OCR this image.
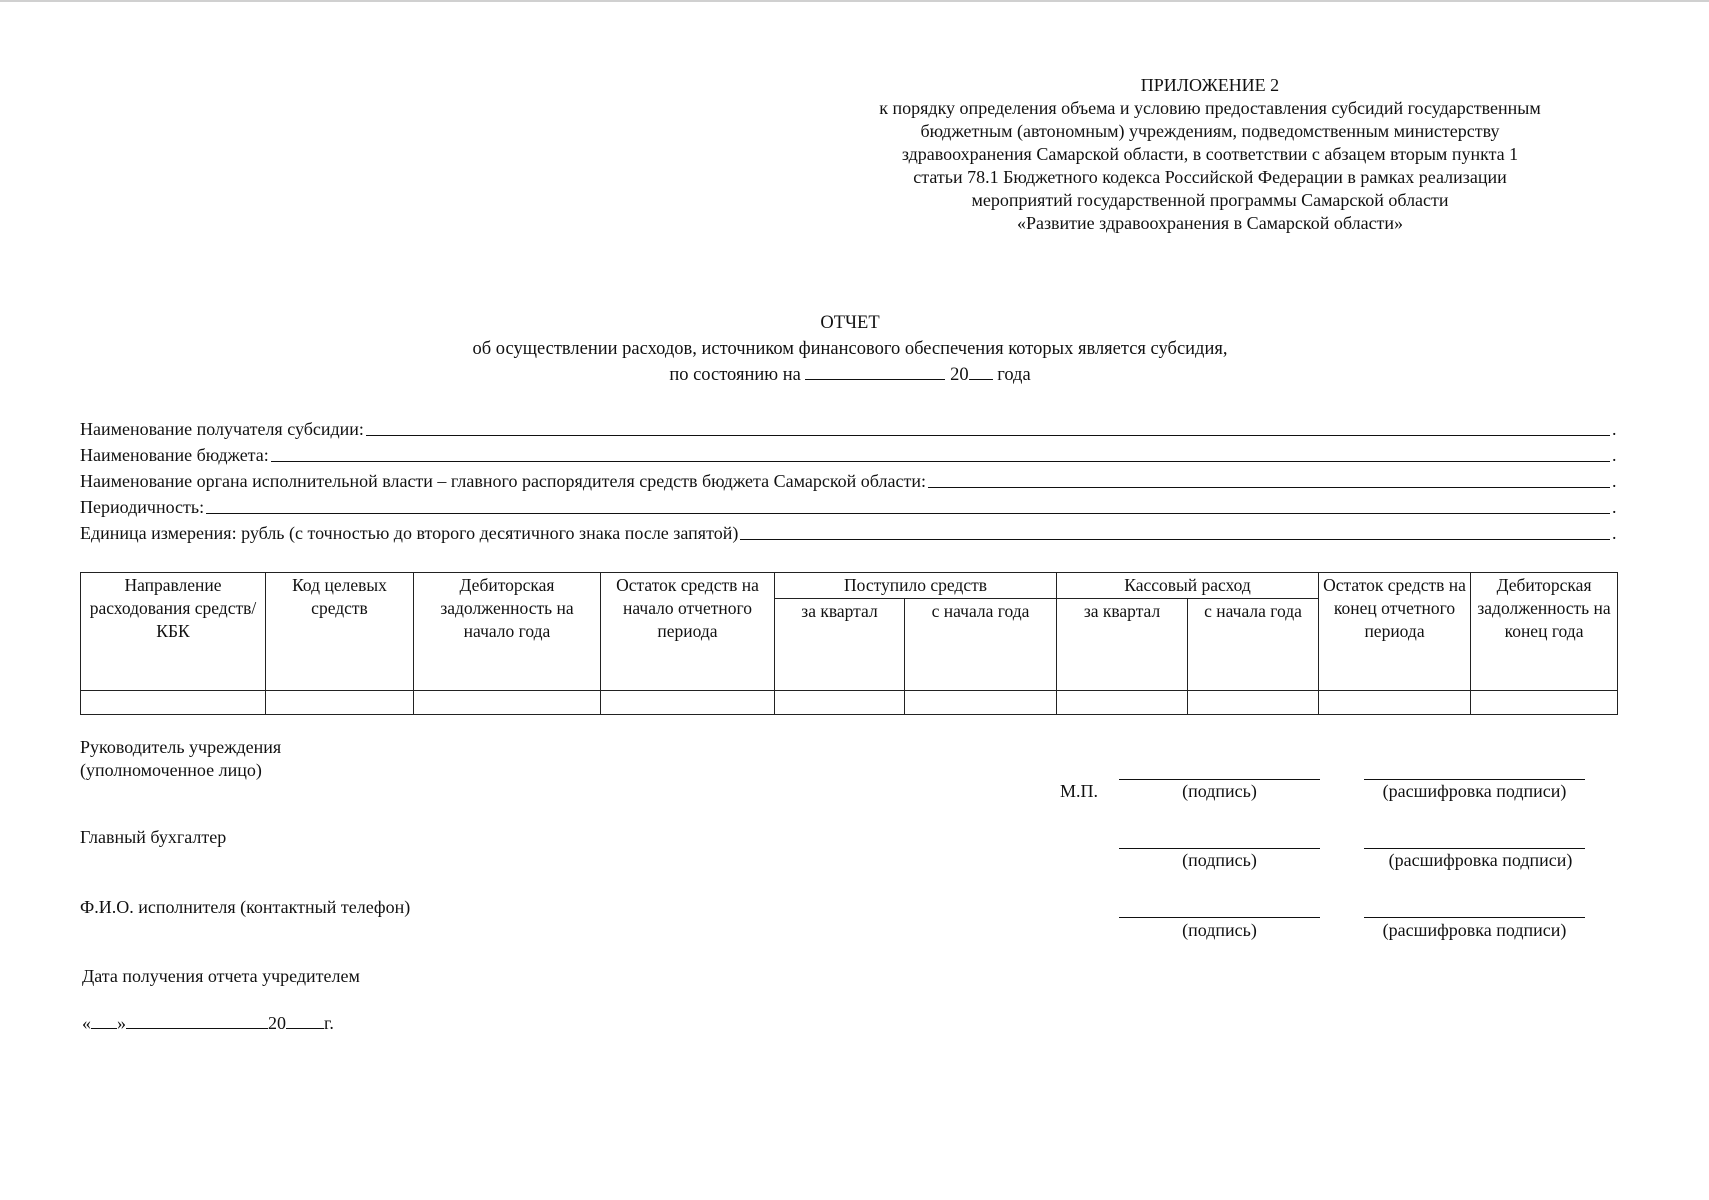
ПРИЛОЖЕНИЕ 2
к порядку определения объема и условию предоставления субсидий государственным
бюджетным (автономным) учреждениям, подведомственным министерству
здравоохранения Самарской области, в соответствии с абзацем вторым пункта 1
статьи 78.1 Бюджетного кодекса Российской Федерации в рамках реализации
мероприятий государственной программы Самарской области
«Развитие здравоохранения в Самарской области»
ОТЧЕТ
об осуществлении расходов, источником финансового обеспечения которых является субсидия,
по состоянию на	20 года
Наименование получателя субсидии:	.
Наименование бюджета:	.
Наименование органа исполнительной власти – главного распорядителя средств бюджета Самарской области:	.
Периодичность:	.
Единица измерения: рубль (с точностью до второго десятичного знака после запятой)	.
Направление расходования средств/КБК	Код целевых средств	Дебиторская задолженность на начало года	Остаток средств на начало отчетного периода	Поступило средств		Кассовый расход		Остаток средств на конец отчетного периода	Дебиторская задолженность на конец года
				за квартал	с начала года	за квартал	с начала года		

Руководитель учреждения
(уполномоченное лицо)
М.П.	(подпись)	(расшифровка подписи)
Главный бухгалтер
(подпись)	(расшифровка подписи)
Ф.И.О. исполнителя (контактный телефон)
(подпись)	(расшифровка подписи)
Дата получения отчета учредителем
« »	20 г.
